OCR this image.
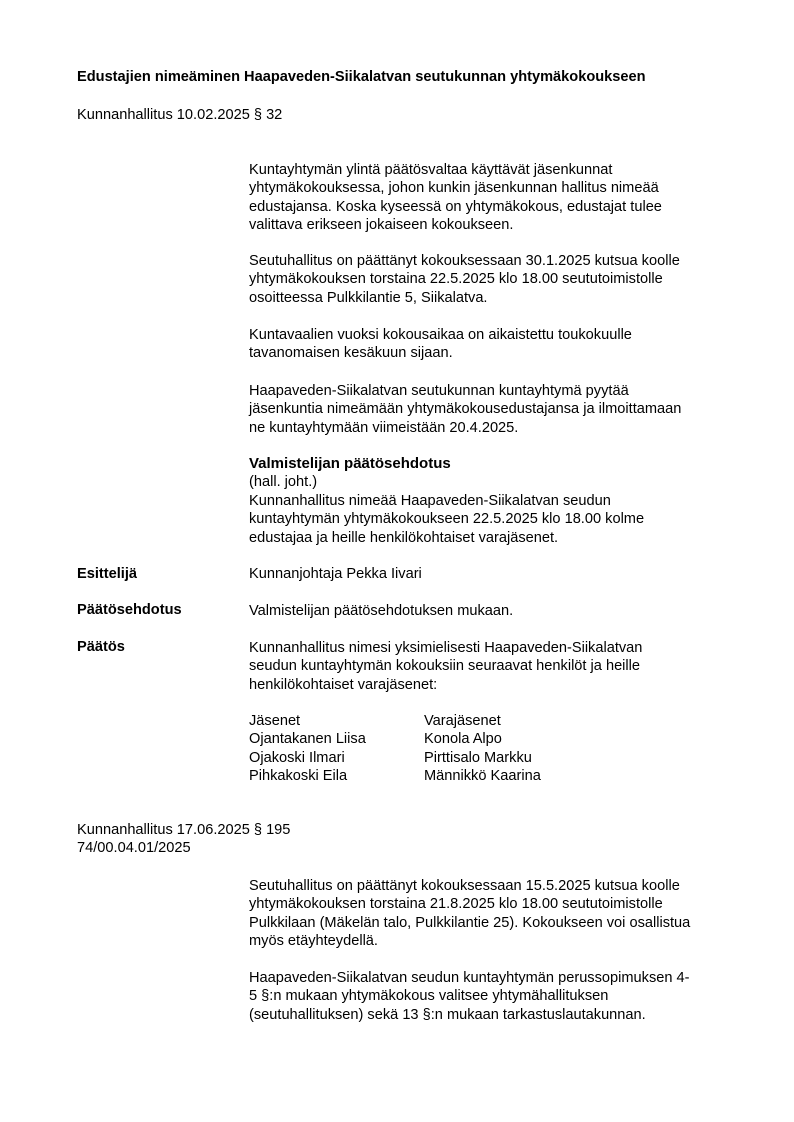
Edustajien nimeäminen Haapaveden-Siikalatvan seutukunnan yhtymäkokoukseen
Kunnanhallitus 10.02.2025 § 32

Kuntayhtymän ylintä päätösvaltaa käyttävät jäsenkunnat

yhtymäkokouksessa, johon kunkin jäsenkunnan hallitus nimeää

edustajansa. Koska kyseessä on yhtymäkokous, edustajat tulee

valittava erikseen jokaiseen kokoukseen.

Seutuhallitus on päättänyt kokouksessaan 30.1.2025 kutsua koolle

yhtymäkokouksen torstaina 22.5.2025 klo 18.00 seututoimistolle

osoitteessa Pulkkilantie 5, Siikalatva.

Kuntavaalien vuoksi kokousaikaa on aikaistettu toukokuulle

tavanomaisen kesäkuun sijaan.

Haapaveden-Siikalatvan seutukunnan kuntayhtymä pyytää

jäsenkuntia nimeämään yhtymäkokousedustajansa ja ilmoittamaan

ne kuntayhtymään viimeistään 20.4.2025.

Valmistelijan päätösehdotus

(hall. joht.)

Kunnanhallitus nimeää Haapaveden-Siikalatvan seudun

kuntayhtymän yhtymäkokoukseen 22.5.2025 klo 18.00 kolme

edustajaa ja heille henkilökohtaiset varajäsenet.

Esittelijä	Kunnanjohtaja Pekka Iivari
Päätösehdotus	Valmistelijan päätösehdotuksen mukaan.
Päätös	Kunnanhallitus nimesi yksimielisesti Haapaveden-Siikalatvan

seudun kuntayhtymän kokouksiin seuraavat henkilöt ja heille

henkilökohtaiset varajäsenet:

Jäsenet	Varajäsenet
Ojantakanen Liisa	Konola Alpo
Ojakoski Ilmari	Pirttisalo Markku
Pihkakoski Eila	Männikkö Kaarina
Kunnanhallitus 17.06.2025 § 195
74/00.04.01/2025

Seutuhallitus on päättänyt kokouksessaan 15.5.2025 kutsua koolle

yhtymäkokouksen torstaina 21.8.2025 klo 18.00 seututoimistolle

Pulkkilaan (Mäkelän talo, Pulkkilantie 25). Kokoukseen voi osallistua

myös etäyhteydellä.

Haapaveden-Siikalatvan seudun kuntayhtymän perussopimuksen 4-

5 §:n mukaan yhtymäkokous valitsee yhtymähallituksen

(seutuhallituksen) sekä 13 §:n mukaan tarkastuslautakunnan.
